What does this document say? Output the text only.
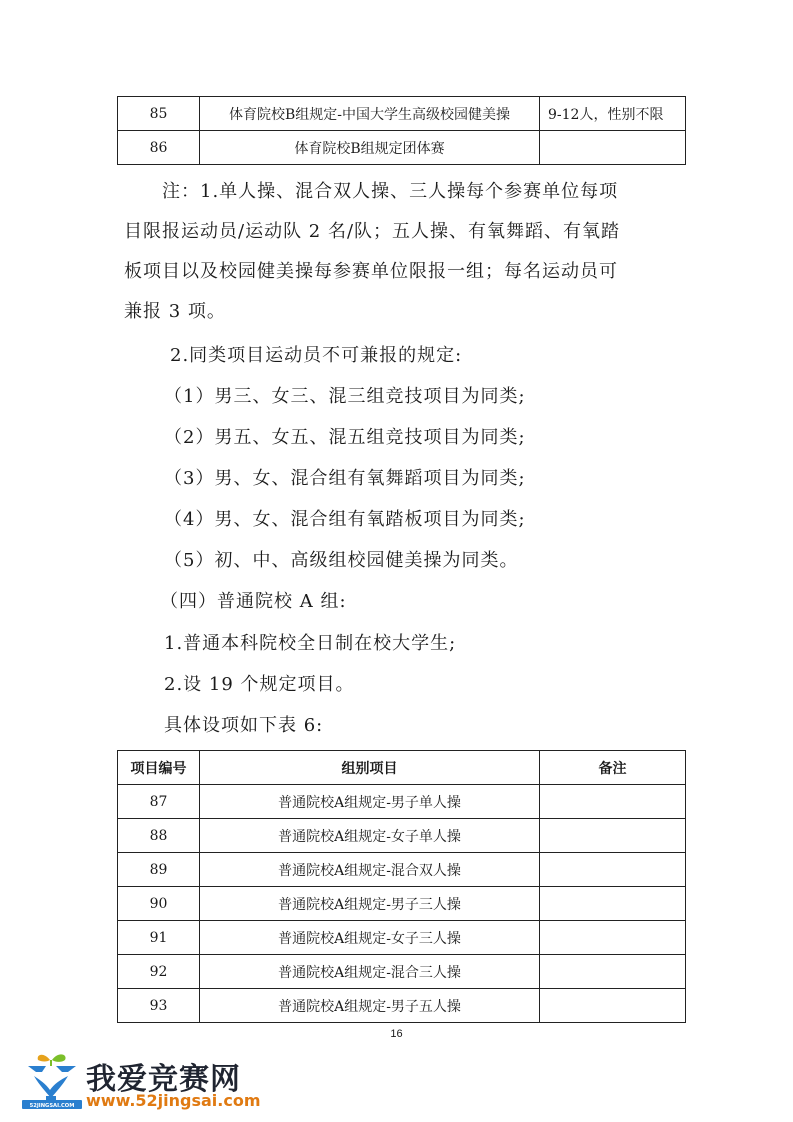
85	体育院校B组规定-中国大学生高级校园健美操	9-12人，性别不限
86	体育院校B组规定团体赛	
注：1.单人操、混合双人操、三人操每个参赛单位每项
目限报运动员/运动队 2 名/队；五人操、有氧舞蹈、有氧踏
板项目以及校园健美操每参赛单位限报一组；每名运动员可
兼报 3 项。
2.同类项目运动员不可兼报的规定:
（1）男三、女三、混三组竞技项目为同类;
（2）男五、女五、混五组竞技项目为同类;
（3）男、女、混合组有氧舞蹈项目为同类;
（4）男、女、混合组有氧踏板项目为同类;
（5）初、中、高级组校园健美操为同类。
（四）普通院校 A 组:
1.普通本科院校全日制在校大学生;
2.设 19 个规定项目。
具体设项如下表 6:
项目编号	组别项目	备注
87	普通院校A组规定-男子单人操	
88	普通院校A组规定-女子单人操	
89	普通院校A组规定-混合双人操	
90	普通院校A组规定-男子三人操	
91	普通院校A组规定-女子三人操	
92	普通院校A组规定-混合三人操	
93	普通院校A组规定-男子五人操	
16
52JINGSAI.COM
我爱竞赛网
www.52jingsai.com
